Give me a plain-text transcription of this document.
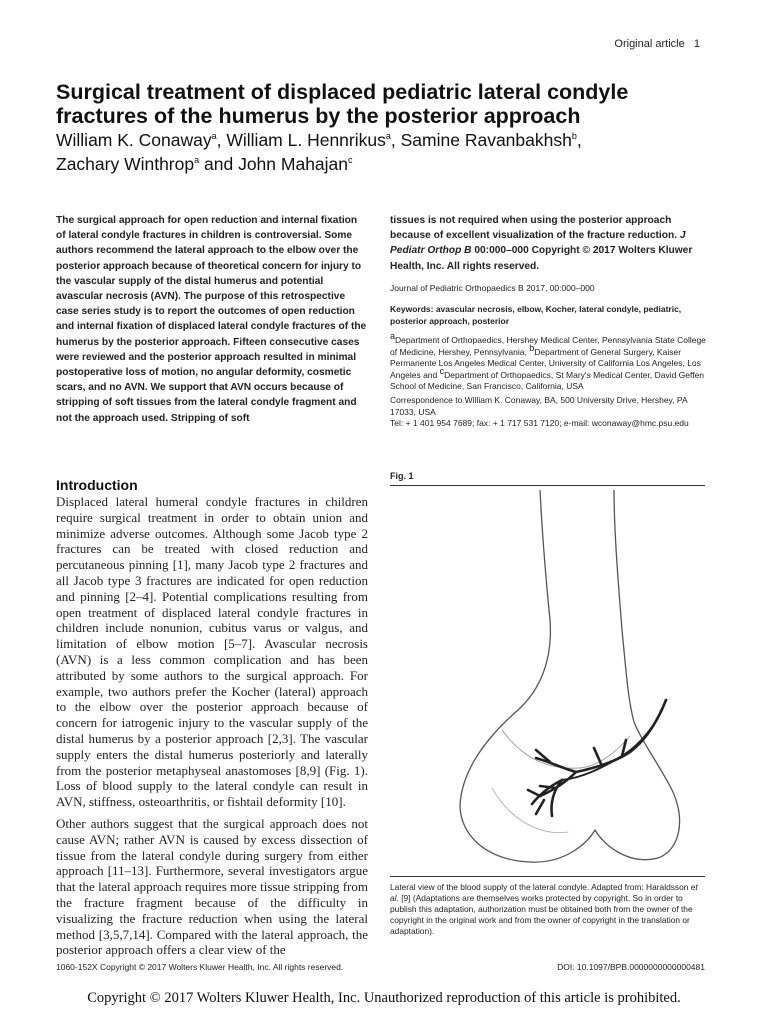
Original article   1
Surgical treatment of displaced pediatric lateral condyle fractures of the humerus by the posterior approach
William K. Conaway$^a$, William L. Hennrikus$^a$, Samine Ravanbakhsh$^b$,
Zachary Winthrop$^a$ and John Mahajan$^c$
The surgical approach for open reduction and internal fixation of lateral condyle fractures in children is controversial. Some authors recommend the lateral approach to the elbow over the posterior approach because of theoretical concern for injury to the vascular supply of the distal humerus and potential avascular necrosis (AVN). The purpose of this retrospective case series study is to report the outcomes of open reduction and internal fixation of displaced lateral condyle fractures of the humerus by the posterior approach. Fifteen consecutive cases were reviewed and the posterior approach resulted in minimal postoperative loss of motion, no angular deformity, cosmetic scars, and no AVN. We support that AVN occurs because of stripping of soft tissues from the lateral condyle fragment and not the approach used. Stripping of soft
tissues is not required when using the posterior approach because of excellent visualization of the fracture reduction. J Pediatr Orthop B 00:000–000 Copyright © 2017 Wolters Kluwer Health, Inc. All rights reserved.
Journal of Pediatric Orthopaedics B 2017, 00:000–000
Keywords: avascular necrosis, elbow, Kocher, lateral condyle, pediatric, posterior approach, posterior
aDepartment of Orthopaedics, Hershey Medical Center, Pennsylvania State College of Medicine, Hershey, Pennsylvania, bDepartment of General Surgery, Kaiser Permanente Los Angeles Medical Center, University of California Los Angeles, Los Angeles and cDepartment of Orthopaedics, St Mary's Medical Center, David Geffen School of Medicine, San Francisco, California, USA
Correspondence to William K. Conaway, BA, 500 University Drive, Hershey, PA 17033, USA
Tel: + 1 401 954 7689; fax: + 1 717 531 7120; e-mail: wconaway@hmc.psu.edu
Introduction
Displaced lateral humeral condyle fractures in children require surgical treatment in order to obtain union and minimize adverse outcomes. Although some Jacob type 2 fractures can be treated with closed reduction and percutaneous pinning [1], many Jacob type 2 fractures and all Jacob type 3 fractures are indicated for open reduction and pinning [2–4]. Potential complications resulting from open treatment of displaced lateral condyle fractures in children include nonunion, cubitus varus or valgus, and limitation of elbow motion [5–7]. Avascular necrosis (AVN) is a less common complication and has been attributed by some authors to the surgical approach. For example, two authors prefer the Kocher (lateral) approach to the elbow over the posterior approach because of concern for iatrogenic injury to the vascular supply of the distal humerus by a posterior approach [2,3]. The vascular supply enters the distal humerus posteriorly and laterally from the posterior metaphyseal anastomoses [8,9] (Fig. 1). Loss of blood supply to the lateral condyle can result in AVN, stiffness, osteoarthritis, or fishtail deformity [10].
Other authors suggest that the surgical approach does not cause AVN; rather AVN is caused by excess dissection of tissue from the lateral condyle during surgery from either approach [11–13]. Furthermore, several investigators argue that the lateral approach requires more tissue stripping from the fracture fragment because of the difficulty in visualizing the fracture reduction when using the lateral method [3,5,7,14]. Compared with the lateral approach, the posterior approach offers a clear view of the
Fig. 1
Lateral view of the blood supply of the lateral condyle. Adapted from: Haraldsson et al. [9] (Adaptations are themselves works protected by copyright. So in order to publish this adaptation, authorization must be obtained both from the owner of the copyright in the original work and from the owner of copyright in the translation or adaptation).
1060-152X Copyright © 2017 Wolters Kluwer Health, Inc. All rights reserved.	DOI: 10.1097/BPB.0000000000000481
Copyright © 2017 Wolters Kluwer Health, Inc. Unauthorized reproduction of this article is prohibited.
